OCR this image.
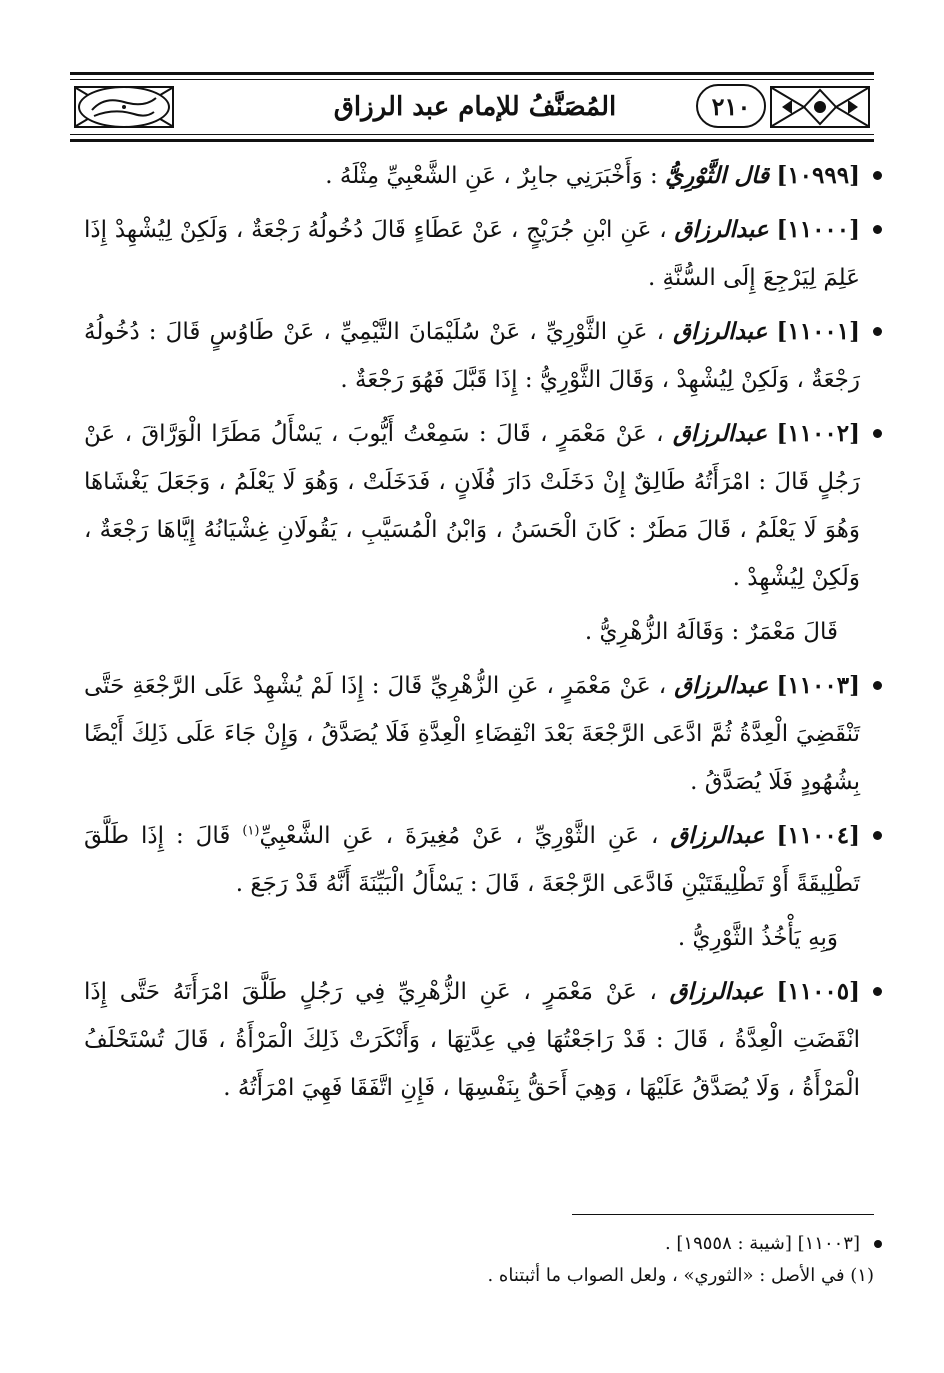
٢١٠
المُصَنَّفُ للإمام عبد الرزاق

[١٠٩٩٩] قال الثَّوْرِيُّ : وَأَخْبَرَنِي جابِرٌ ، عَنِ الشَّعْبِيِّ مِثْلَهُ .

[١١٠٠٠] عبدالرزاق ، عَنِ ابْنِ جُرَيْجٍ ، عَنْ عَطَاءٍ قَالَ دُخُولُهُ رَجْعَةٌ ، وَلَكِنْ لِيُشْهِدْ إِذَا عَلِمَ لِيَرْجِعَ إِلَى السُّنَّةِ .

[١١٠٠١] عبدالرزاق ، عَنِ الثَّوْرِيِّ ، عَنْ سُلَيْمَانَ التَّيْمِيِّ ، عَنْ طَاوُسٍ قَالَ : دُخُولُهُ رَجْعَةٌ ، وَلَكِنْ لِيُشْهِدْ ، وَقَالَ الثَّوْرِيُّ : إِذَا قَبَّلَ فَهُوَ رَجْعَةٌ .

[١١٠٠٢] عبدالرزاق ، عَنْ مَعْمَرٍ ، قَالَ : سَمِعْتُ أَيُّوبَ ، يَسْأَلُ مَطَرًا الْوَرَّاقَ ، عَنْ رَجُلٍ قَالَ : امْرَأَتُهُ طَالِقٌ إِنْ دَخَلَتْ دَارَ فُلَانٍ ، فَدَخَلَتْ ، وَهُوَ لَا يَعْلَمُ ، وَجَعَلَ يَغْشَاهَا وَهُوَ لَا يَعْلَمُ ، قَالَ مَطَرٌ : كَانَ الْحَسَنُ ، وَابْنُ الْمُسَيَّبِ ، يَقُولَانِ غِشْيَانُهُ إِيَّاهَا رَجْعَةٌ ، وَلَكِنْ لِيُشْهِدْ .

قَالَ مَعْمَرٌ : وَقَالَهُ الزُّهْرِيُّ .

[١١٠٠٣] عبدالرزاق ، عَنْ مَعْمَرٍ ، عَنِ الزُّهْرِيِّ قَالَ : إِذَا لَمْ يُشْهِدْ عَلَى الرَّجْعَةِ حَتَّى تَنْقَضِيَ الْعِدَّةُ ثُمَّ ادَّعَى الرَّجْعَةَ بَعْدَ انْقِضَاءِ الْعِدَّةِ فَلَا يُصَدَّقُ ، وَإِنْ جَاءَ عَلَى ذَلِكَ أَيْضًا بِشُهُودٍ فَلَا يُصَدَّقُ .

[١١٠٠٤] عبدالرزاق ، عَنِ الثَّوْرِيِّ ، عَنْ مُغِيرَةَ ، عَنِ الشَّعْبِيِّ$^{(١)}$ قَالَ : إِذَا طَلَّقَ تَطْلِيقَةً أَوْ تَطْلِيقَتَيْنِ فَادَّعَى الرَّجْعَةَ ، قَالَ : يَسْأَلُ الْبَيِّنَةَ أَنَّهُ قَدْ رَجَعَ .

وَبِهِ يَأْخُذُ الثَّوْرِيُّ .

[١١٠٠٥] عبدالرزاق ، عَنْ مَعْمَرٍ ، عَنِ الزُّهْرِيِّ فِي رَجُلٍ طَلَّقَ امْرَأَتَهُ حَتَّى إِذَا انْقَضَتِ الْعِدَّةُ ، قَالَ : قَدْ رَاجَعْتُهَا فِي عِدَّتِهَا ، وَأَنْكَرَتْ ذَلِكَ الْمَرْأَةُ ، قَالَ تُسْتَحْلَفُ الْمَرْأَةُ ، وَلَا يُصَدَّقُ عَلَيْهَا ، وَهِيَ أَحَقُّ بِنَفْسِهَا ، فَإِنِ اتَّفَقَا فَهِيَ امْرَأَتُهُ .

[١١٠٠٣] [شيبة : ١٩٥٥٨] .

(١) في الأصل : «الثوري» ، ولعل الصواب ما أثبتناه .
